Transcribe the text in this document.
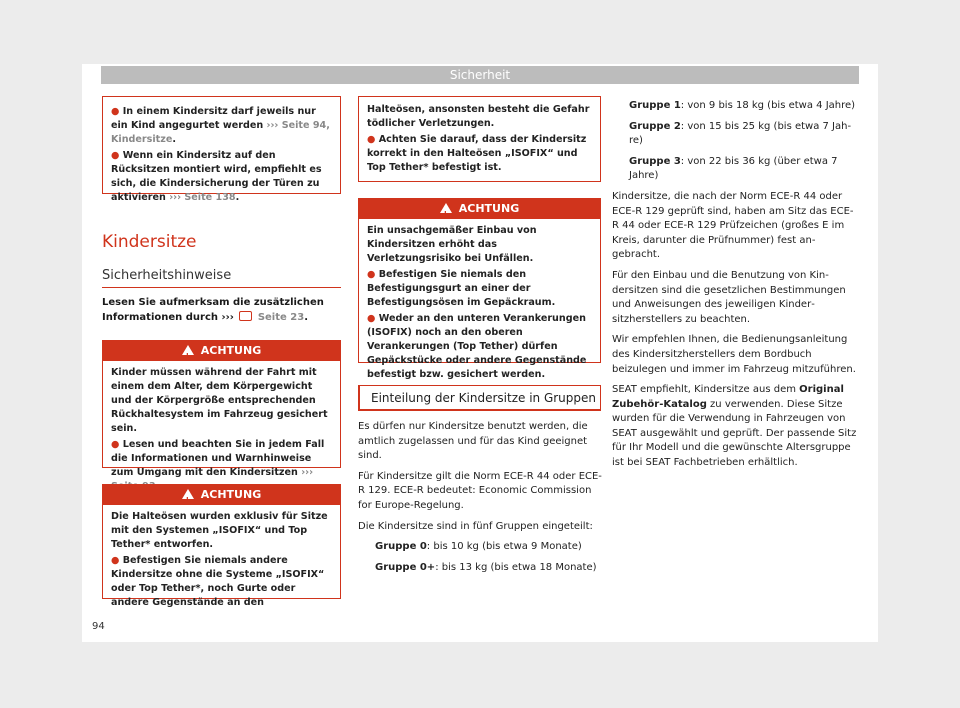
Sicherheit

● In einem Kindersitz darf jeweils nur ein Kind angegurtet werden ››› Seite 94, Kindersitze.

● Wenn ein Kindersitz auf den Rücksitzen montiert wird, empfiehlt es sich, die Kindersicherung der Türen zu aktivieren ››› Seite 138.

Kindersitze
Sicherheitshinweise
Lesen Sie aufmerksam die zusätzlichen Informationen durch ›››  Seite 23.
!ACHTUNG

Kinder müssen während der Fahrt mit einem dem Alter, dem Körpergewicht und der Körpergröße entsprechenden Rückhaltesystem im Fahrzeug gesichert sein.

● Lesen und beachten Sie in jedem Fall die Informationen und Warnhinweise zum Umgang mit den Kindersitzen ›››

!ACHTUNG

Die Halteösen wurden exklusiv für Sitze mit den Systemen „ISOFIX“ und Top Tether* entworfen.

● Befestigen Sie niemals andere Kindersitze ohne die Systeme „ISOFIX“ oder Top Tether*, noch Gurte oder andere Gegenstände an den

Halteösen, ansonsten besteht die Gefahr tödlicher Verletzungen.

● Achten Sie darauf, dass der Kindersitz korrekt in den Halteösen „ISOFIX“ und Top Tether* befestigt ist.

!ACHTUNG

Ein unsachgemäßer Einbau von Kindersitzen erhöht das Verletzungsrisiko bei Unfällen.

● Befestigen Sie niemals den Befestigungsgurt an einer der Befestigungsösen im Gepäckraum.

● Weder an den unteren Verankerungen (ISOFIX) noch an den oberen Verankerungen (Top Tether) dürfen Gepäckstücke oder andere Gegenstände befestigt bzw. gesichert werden.

Einteilung der Kindersitze in Gruppen

Es dürfen nur Kindersitze benutzt werden, die amtlich zugelassen und für das Kind geeignet sind.

Für Kindersitze gilt die Norm ECE-R 44 oder ECE-R 129. ECE-R bedeutet: Economic Commission for Europe-Regelung.

Die Kindersitze sind in fünf Gruppen eingeteilt:

Gruppe 0: bis 10 kg (bis etwa 9 Monate)
Gruppe 0+: bis 13 kg (bis etwa 18 Monate)
Gruppe 1: von 9 bis 18 kg (bis etwa 4 Jahre)
Gruppe 2: von 15 bis 25 kg (bis etwa 7 Jahre)
Gruppe 3: von 22 bis 36 kg (über etwa 7 Jahre)

Kindersitze, die nach der Norm ECE-R 44 oder ECE-R 129 geprüft sind, haben am Sitz das ECE-R 44 oder ECE-R 129 Prüfzeichen (großes E im Kreis, darunter die Prüfnummer) fest angebracht.

Für den Einbau und die Benutzung von Kindersitzen sind die gesetzlichen Bestimmungen und Anweisungen des jeweiligen Kindersitzherstellers zu beachten.

Wir empfehlen Ihnen, die Bedienungsanleitung des Kindersitzherstellers dem Bordbuch beizulegen und immer im Fahrzeug mitzuführen.

SEAT empfiehlt, Kindersitze aus dem Original Zubehör-Katalog zu verwenden. Diese Sitze wurden für die Verwendung in Fahrzeugen von SEAT ausgewählt und geprüft. Der passende Sitz für Ihr Modell und die gewünschte Altersgruppe ist bei SEAT Fachbetrieben erhältlich.

94
